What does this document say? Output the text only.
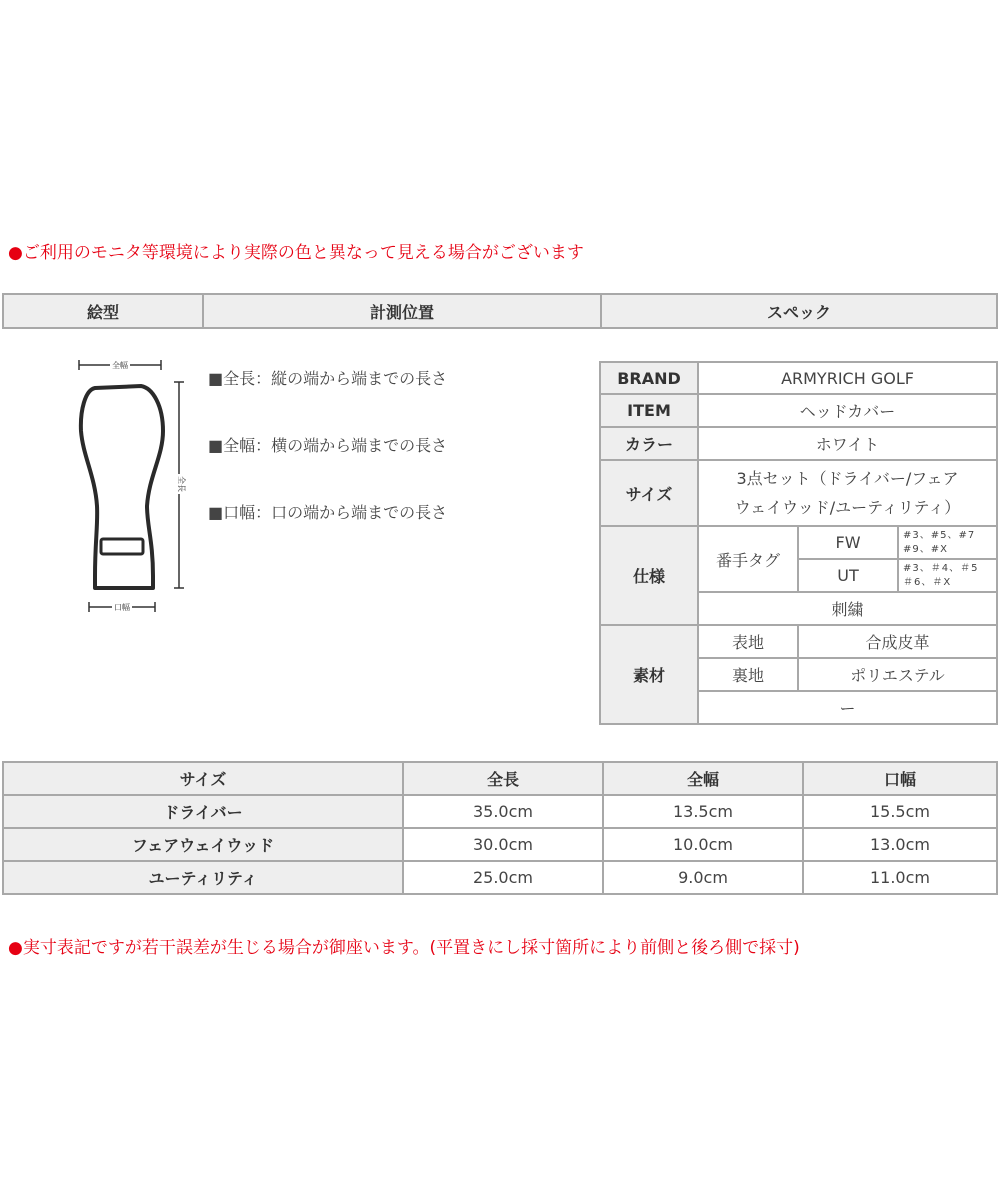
●ご利用のモニタ等環境により実際の色と異なって見える場合がございます
絵型	計測位置	スペック
全幅
全長
口幅
■全長：縦の端から端までの長さ
■全幅：横の端から端までの長さ
■口幅：口の端から端までの長さ
BRAND	ARMYRICH GOLF		
ITEM	ヘッドカバー		
カラー	ホワイト		
サイズ	3点セット（ドライバー/フェア
ウェイウッド/ユーティリティ）		

仕様	番手タグ	FW	#3、#5、#7
#9、#X

		UT	#3、＃4、＃5
＃6、＃X

	刺繍		
素材	表地	合成皮革	
	裏地	ポリエステル	
	ー		
サイズ	全長	全幅	口幅
ドライバー	35.0cm	13.5cm	15.5cm
フェアウェイウッド	30.0cm	10.0cm	13.0cm
ユーティリティ	25.0cm	9.0cm	11.0cm
●実寸表記ですが若干誤差が生じる場合が御座います。(平置きにし採寸箇所により前側と後ろ側で採寸)
